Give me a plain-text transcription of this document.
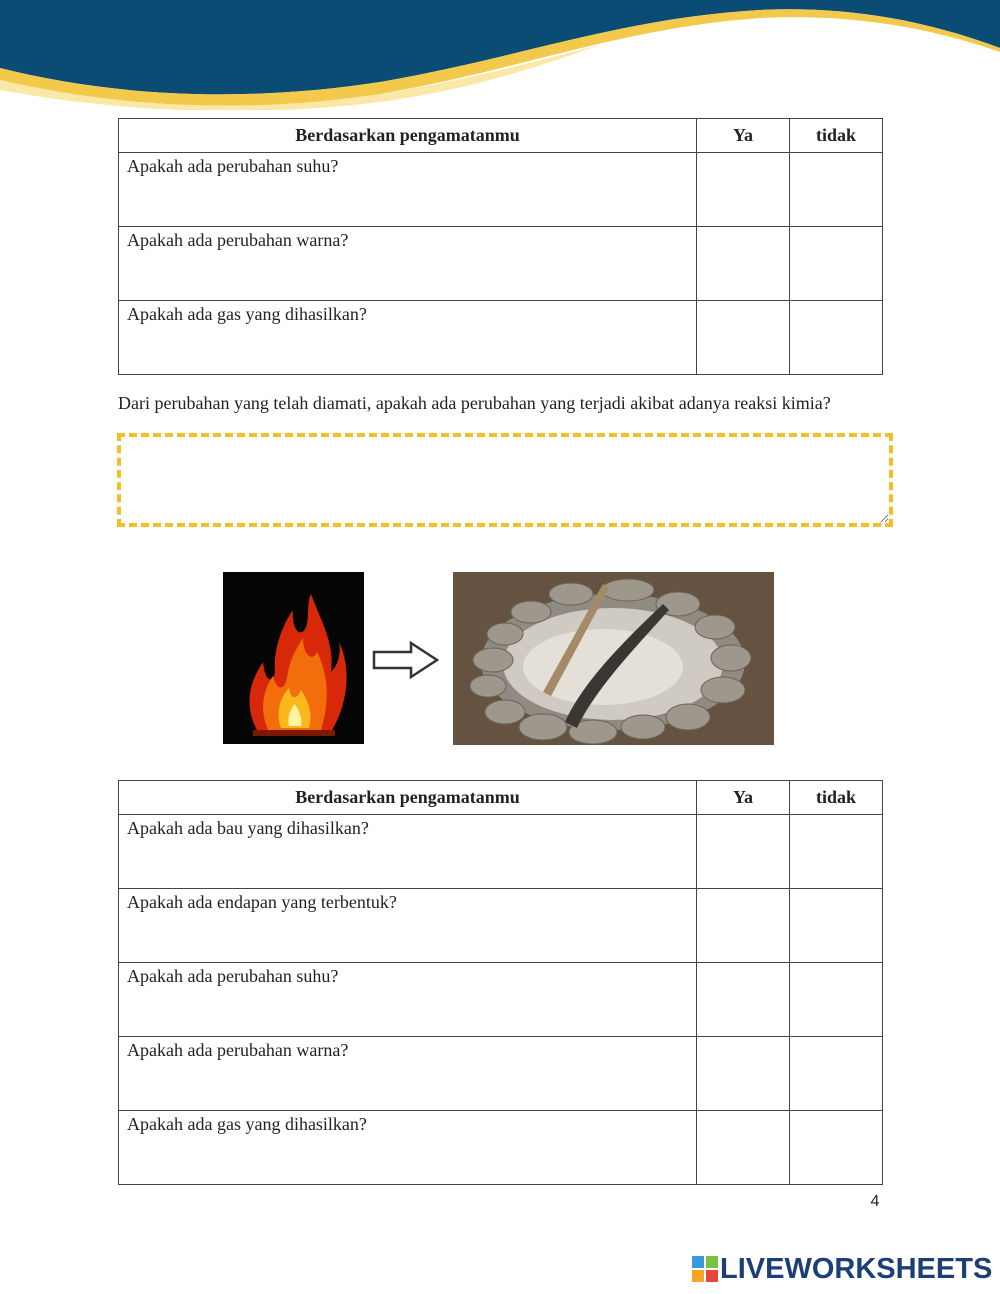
Berdasarkan pengamatanmu	Ya	tidak
Apakah ada perubahan suhu?		
Apakah ada perubahan warna?		
Apakah ada gas yang dihasilkan?		
Dari perubahan yang telah diamati, apakah ada perubahan yang terjadi akibat adanya reaksi kimia?
Berdasarkan pengamatanmu	Ya	tidak
Apakah ada bau yang dihasilkan?		
Apakah ada endapan yang terbentuk?		
Apakah ada perubahan suhu?		
Apakah ada perubahan warna?		
Apakah ada gas yang dihasilkan?		
4
LIVEWORKSHEETS
